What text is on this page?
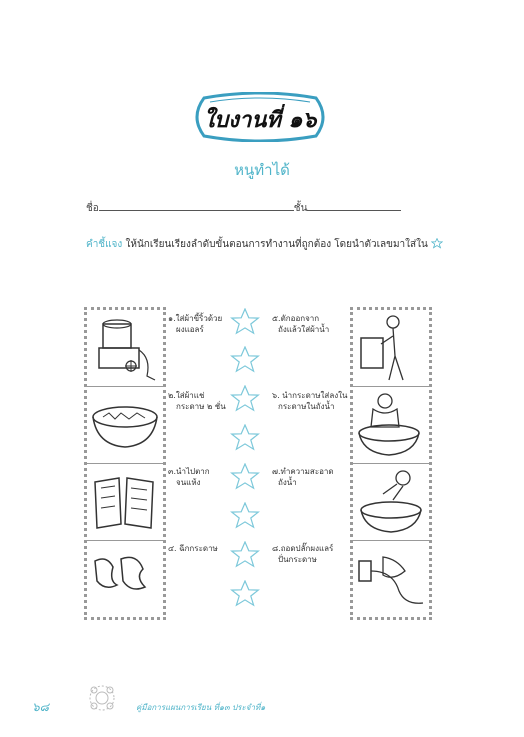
ใบงานที่ ๑๖
หนูทำได้
ชื่อ	ชั้น
คำชี้แจง ให้นักเรียนเรียงลำดับขั้นตอนการทำงานที่ถูกต้อง โดยนำตัวเลขมาใส่ใน
๑.ใส่ผ้าขี้ริ้วด้วย
ผงแอลร์
๒.ใส่ผ้าแช่
กระดาษ ๒ ชั่น
๓.นำไปตาก
จนแห้ง
๔. ฉีกกระดาษ
๕.ตักออกจาก
ถังแล้วใส่ผ้าน้ำ
๖. นำกระดาษใส่ลงใน
กระดาษในถังน้ำ
๗.ทำความสะอาด
ถังน้ำ
๘.ถอดปลั๊กผงแลร์
ปั่นกระดาษ
๖๘	คู่มือการแผนการเรียน ที่๑๓ ประจำที่๑
